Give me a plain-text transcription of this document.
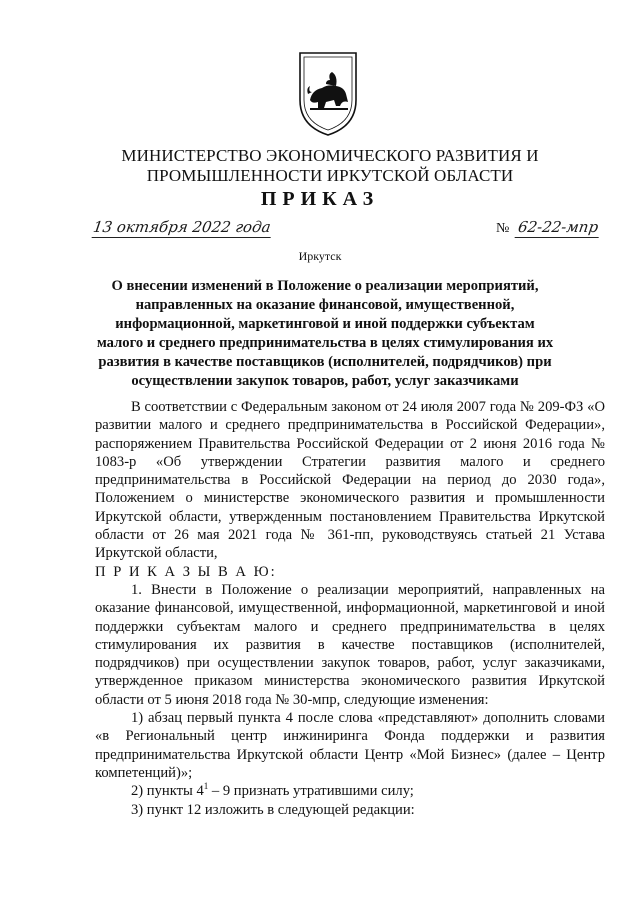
МИНИСТЕРСТВО ЭКОНОМИЧЕСКОГО РАЗВИТИЯ И
ПРОМЫШЛЕННОСТИ ИРКУТСКОЙ ОБЛАСТИ
ПРИКАЗ
13 октября 2022 года	№ 62-22-мпр
Иркутск
О внесении изменений в Положение о реализации мероприятий, направленных на оказание финансовой, имущественной, информационной, маркетинговой и иной поддержки субъектам малого и среднего предпринимательства в целях стимулирования их развития в качестве поставщиков (исполнителей, подрядчиков) при осуществлении закупок товаров, работ, услуг заказчиками

В соответствии с Федеральным законом от 24 июля 2007 года № 209-ФЗ «О развитии малого и среднего предпринимательства в Российской Федерации», распоряжением Правительства Российской Федерации от 2 июня 2016 года № 1083-р «Об утверждении Стратегии развития малого и среднего предпринимательства в Российской Федерации на период до 2030 года», Положением о министерстве экономического развития и промышленности Иркутской области, утвержденным постановлением Правительства Иркутской области от 26 мая 2021 года № 361-пп, руководствуясь статьей 21 Устава Иркутской области,

П Р И К А З Ы В А Ю:

1. Внести в Положение о реализации мероприятий, направленных на оказание финансовой, имущественной, информационной, маркетинговой и иной поддержки субъектам малого и среднего предпринимательства в целях стимулирования их развития в качестве поставщиков (исполнителей, подрядчиков) при осуществлении закупок товаров, работ, услуг заказчиками, утвержденное приказом министерства экономического развития Иркутской области от 5 июня 2018 года № 30-мпр, следующие изменения:

1) абзац первый пункта 4 после слова «представляют» дополнить словами «в Региональный центр инжиниринга Фонда поддержки и развития предпринимательства Иркутской области Центр «Мой Бизнес» (далее – Центр компетенций)»;

2) пункты $4^1 - 9$ признать утратившими силу;

3) пункт 12 изложить в следующей редакции:
